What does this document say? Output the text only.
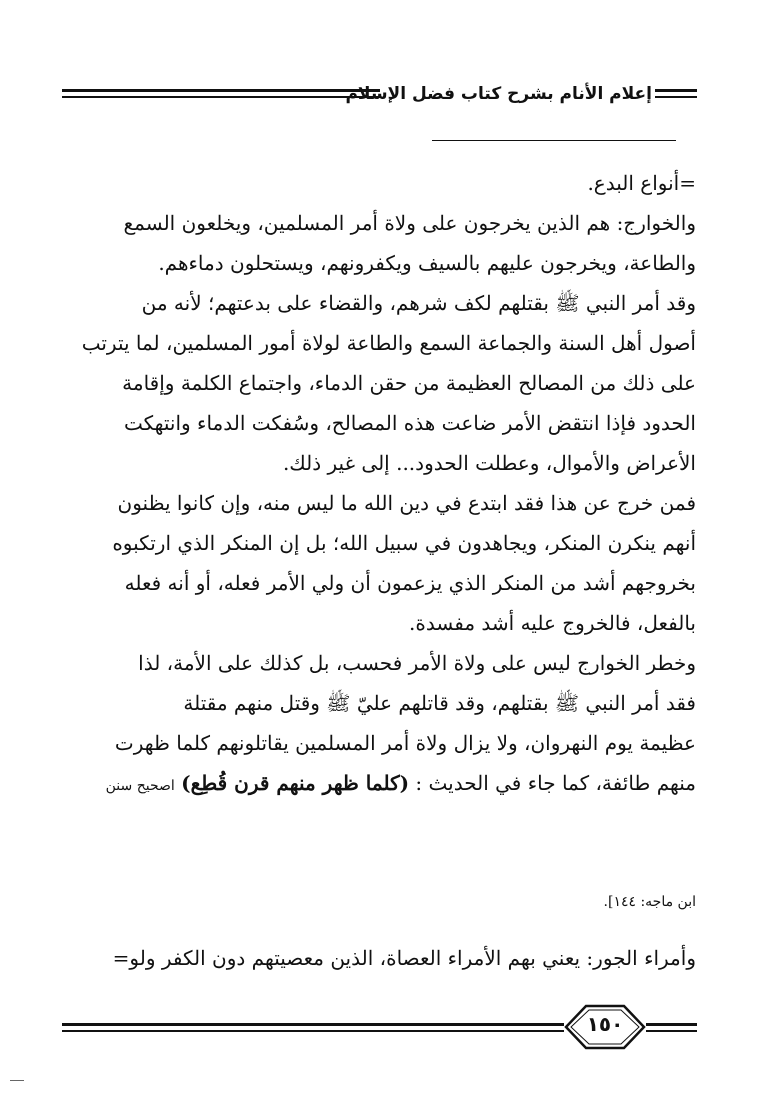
إعلام الأنام بشرح كتاب فضل الإسلام
=أنواع البدع.
والخوارج: هم الذين يخرجون على ولاة أمر المسلمين، ويخلعون السمع
والطاعة، ويخرجون عليهم بالسيف ويكفرونهم، ويستحلون دماءهم.
وقد أمر النبي ﷺ بقتلهم لكف شرهم، والقضاء على بدعتهم؛ لأنه من
أصول أهل السنة والجماعة السمع والطاعة لولاة أمور المسلمين، لما يترتب
على ذلك من المصالح العظيمة من حقن الدماء، واجتماع الكلمة وإقامة
الحدود فإذا انتقض الأمر ضاعت هذه المصالح، وسُفكت الدماء وانتهكت
الأعراض والأموال، وعطلت الحدود... إلى غير ذلك.
فمن خرج عن هذا فقد ابتدع في دين الله ما ليس منه، وإن كانوا يظنون
أنهم ينكرن المنكر، ويجاهدون في سبيل الله؛ بل إن المنكر الذي ارتكبوه
بخروجهم أشد من المنكر الذي يزعمون أن ولي الأمر فعله، أو أنه فعله
بالفعل، فالخروج عليه أشد مفسدة.
وخطر الخوارج ليس على ولاة الأمر فحسب، بل كذلك على الأمة، لذا
فقد أمر النبي ﷺ بقتلهم، وقد قاتلهم عليّ ﷺ وقتل منهم مقتلة
عظيمة يوم النهروان، ولا يزال ولاة أمر المسلمين يقاتلونهم كلما ظهرت
منهم طائفة، كما جاء في الحديث : (كلما ظهر منهم قرن قُطِع) اصحيح سنن
ابن ماجه: ١٤٤].
وأمراء الجور: يعني بهم الأمراء العصاة، الذين معصيتهم دون الكفر ولو=
١٥٠
